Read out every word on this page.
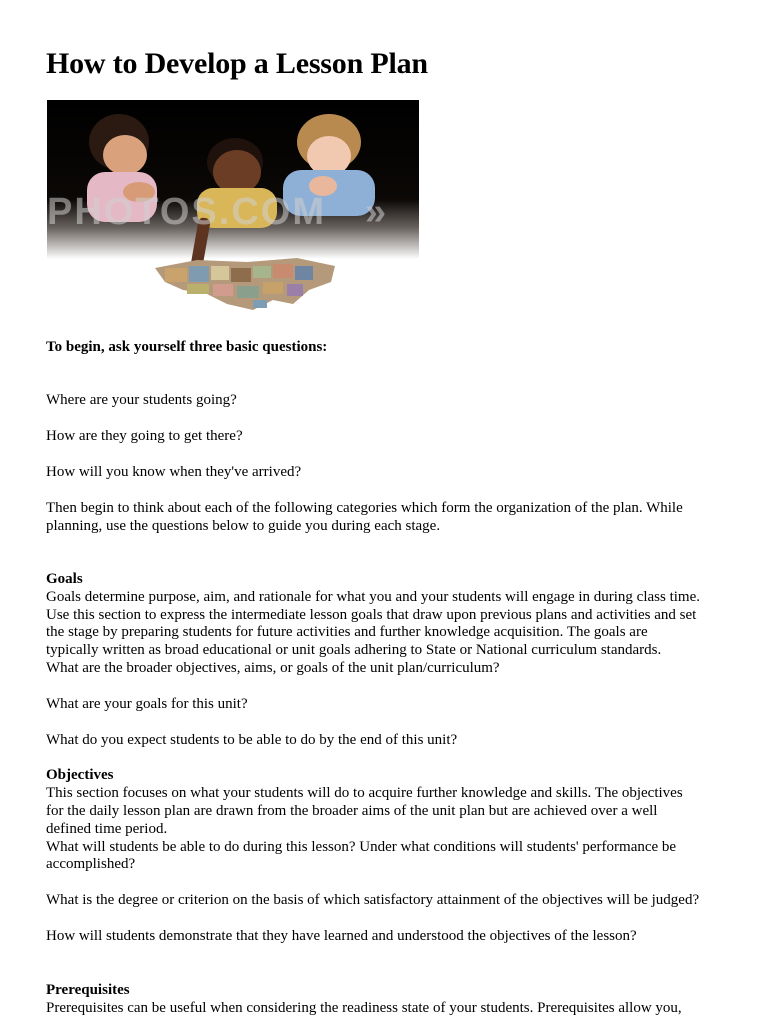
How to Develop a Lesson Plan
PHOTOS.COM »

To begin, ask yourself three basic questions:

Where are your students going?

How are they going to get there?

How will you know when they've arrived?

Then begin to think about each of the following categories which form the organization of the plan. While

planning, use the questions below to guide you during each stage.

Goals

Goals determine purpose, aim, and rationale for what you and your students will engage in during class time.

Use this section to express the intermediate lesson goals that draw upon previous plans and activities and set

the stage by preparing students for future activities and further knowledge acquisition. The goals are

typically written as broad educational or unit goals adhering to State or National curriculum standards.

What are the broader objectives, aims, or goals of the unit plan/curriculum?

What are your goals for this unit?

What do you expect students to be able to do by the end of this unit?

Objectives

This section focuses on what your students will do to acquire further knowledge and skills. The objectives

for the daily lesson plan are drawn from the broader aims of the unit plan but are achieved over a well

defined time period.

What will students be able to do during this lesson? Under what conditions will students' performance be

accomplished?

What is the degree or criterion on the basis of which satisfactory attainment of the objectives will be judged?

How will students demonstrate that they have learned and understood the objectives of the lesson?

Prerequisites

Prerequisites can be useful when considering the readiness state of your students. Prerequisites allow you,
